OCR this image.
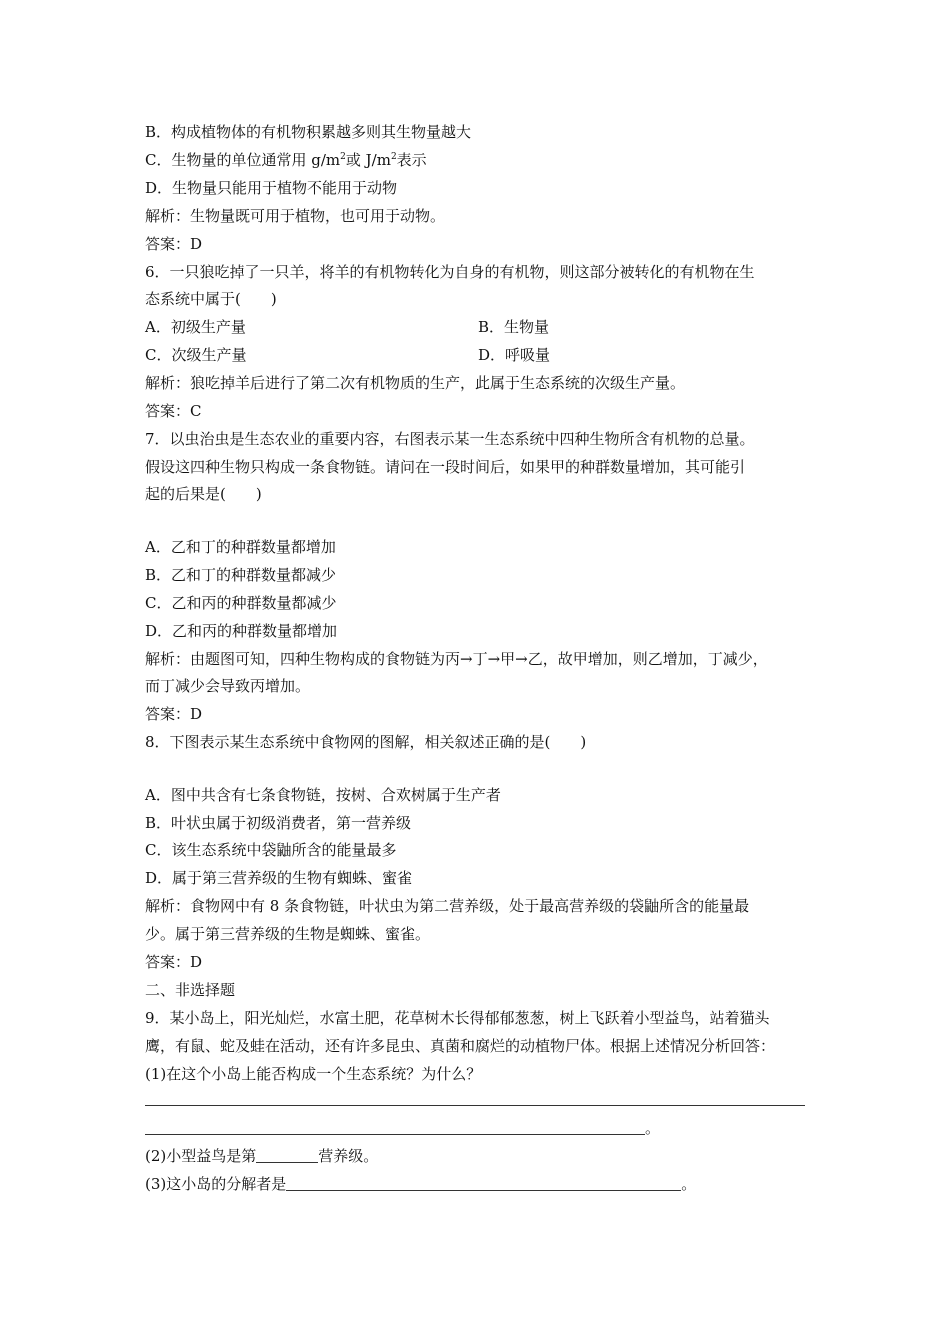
B．构成植物体的有机物积累越多则其生物量越大
C．生物量的单位通常用 $g/m^2$或 $J/m^2$表示
D．生物量只能用于植物不能用于动物
解析：生物量既可用于植物，也可用于动物。
答案：D
6．一只狼吃掉了一只羊，将羊的有机物转化为自身的有机物，则这部分被转化的有机物在生
态系统中属于(　　)
A．初级生产量	B．生物量
C．次级生产量	D．呼吸量
解析：狼吃掉羊后进行了第二次有机物质的生产，此属于生态系统的次级生产量。
答案：C
7．以虫治虫是生态农业的重要内容，右图表示某一生态系统中四种生物所含有机物的总量。
假设这四种生物只构成一条食物链。请问在一段时间后，如果甲的种群数量增加，其可能引
起的后果是(　　)
A．乙和丁的种群数量都增加
B．乙和丁的种群数量都减少
C．乙和丙的种群数量都减少
D．乙和丙的种群数量都增加
解析：由题图可知，四种生物构成的食物链为丙→丁→甲→乙，故甲增加，则乙增加，丁减少，
而丁减少会导致丙增加。
答案：D
8．下图表示某生态系统中食物网的图解，相关叙述正确的是(　　)
A．图中共含有七条食物链，按树、合欢树属于生产者
B．叶状虫属于初级消费者，第一营养级
C．该生态系统中袋鼬所含的能量最多
D．属于第三营养级的生物有蜘蛛、蜜雀
解析：食物网中有 8 条食物链，叶状虫为第二营养级，处于最高营养级的袋鼬所含的能量最
少。属于第三营养级的生物是蜘蛛、蜜雀。
答案：D
二、非选择题
9．某小岛上，阳光灿烂，水富土肥，花草树木长得郁郁葱葱，树上飞跃着小型益鸟，站着猫头
鹰，有鼠、蛇及蛙在活动，还有许多昆虫、真菌和腐烂的动植物尸体。根据上述情况分析回答：
(1)在这个小岛上能否构成一个生态系统？为什么？
。
(2)小型益鸟是第	营养级。
(3)这小岛的分解者是	。
